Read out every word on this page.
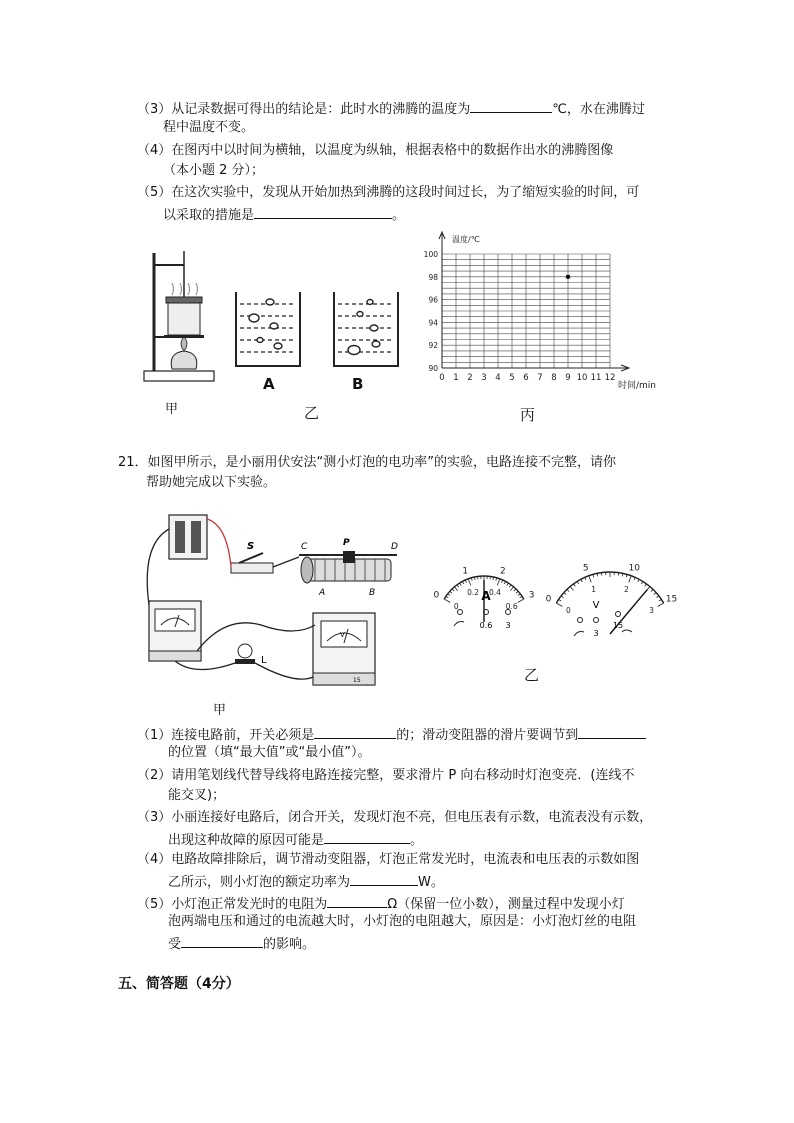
（3）从记录数据可得出的结论是：此时水的沸腾的温度为	℃，水在沸腾过
程中温度不变。
（4）在图丙中以时间为横轴，以温度为纵轴，根据表格中的数据作出水的沸腾图像
（本小题 2 分）；
（5）在这次实验中，发现从开始加热到沸腾的这段时间过长，为了缩短实验的时间，可
以采取的措施是	。
甲
A	B
乙
90
92
94
96
98
100
0 1 2 3 4 5 6 7 8 9 10 11 12
温度/℃
时间/min
丙
21．如图甲所示，是小丽用伏安法“测小灯泡的电功率”的实验，电路连接不完整，请你
帮助她完成以下实验。
S	C	P	D
A	B
V
15
L
甲
0
1	2
3
0
0.2 0.4
0.6
A
0.6 3
0
5	10
15
0
1	2
3
V
3
15
乙
（1）连接电路前，开关必须是	的；滑动变阻器的滑片要调节到
的位置（填“最大值”或“最小值”）。
（2）请用笔划线代替导线将电路连接完整，要求滑片 P 向右移动时灯泡变亮．(连线不
能交叉)；
（3）小丽连接好电路后，闭合开关，发现灯泡不亮，但电压表有示数，电流表没有示数，
出现这种故障的原因可能是	。
（4）电路故障排除后，调节滑动变阻器，灯泡正常发光时，电流表和电压表的示数如图
乙所示，则小灯泡的额定功率为	W。
（5）小灯泡正常发光时的电阻为	Ω（保留一位小数），测量过程中发现小灯
泡两端电压和通过的电流越大时，小灯泡的电阻越大，原因是：小灯泡灯丝的电阻
受	的影响。
五、简答题（4分）
